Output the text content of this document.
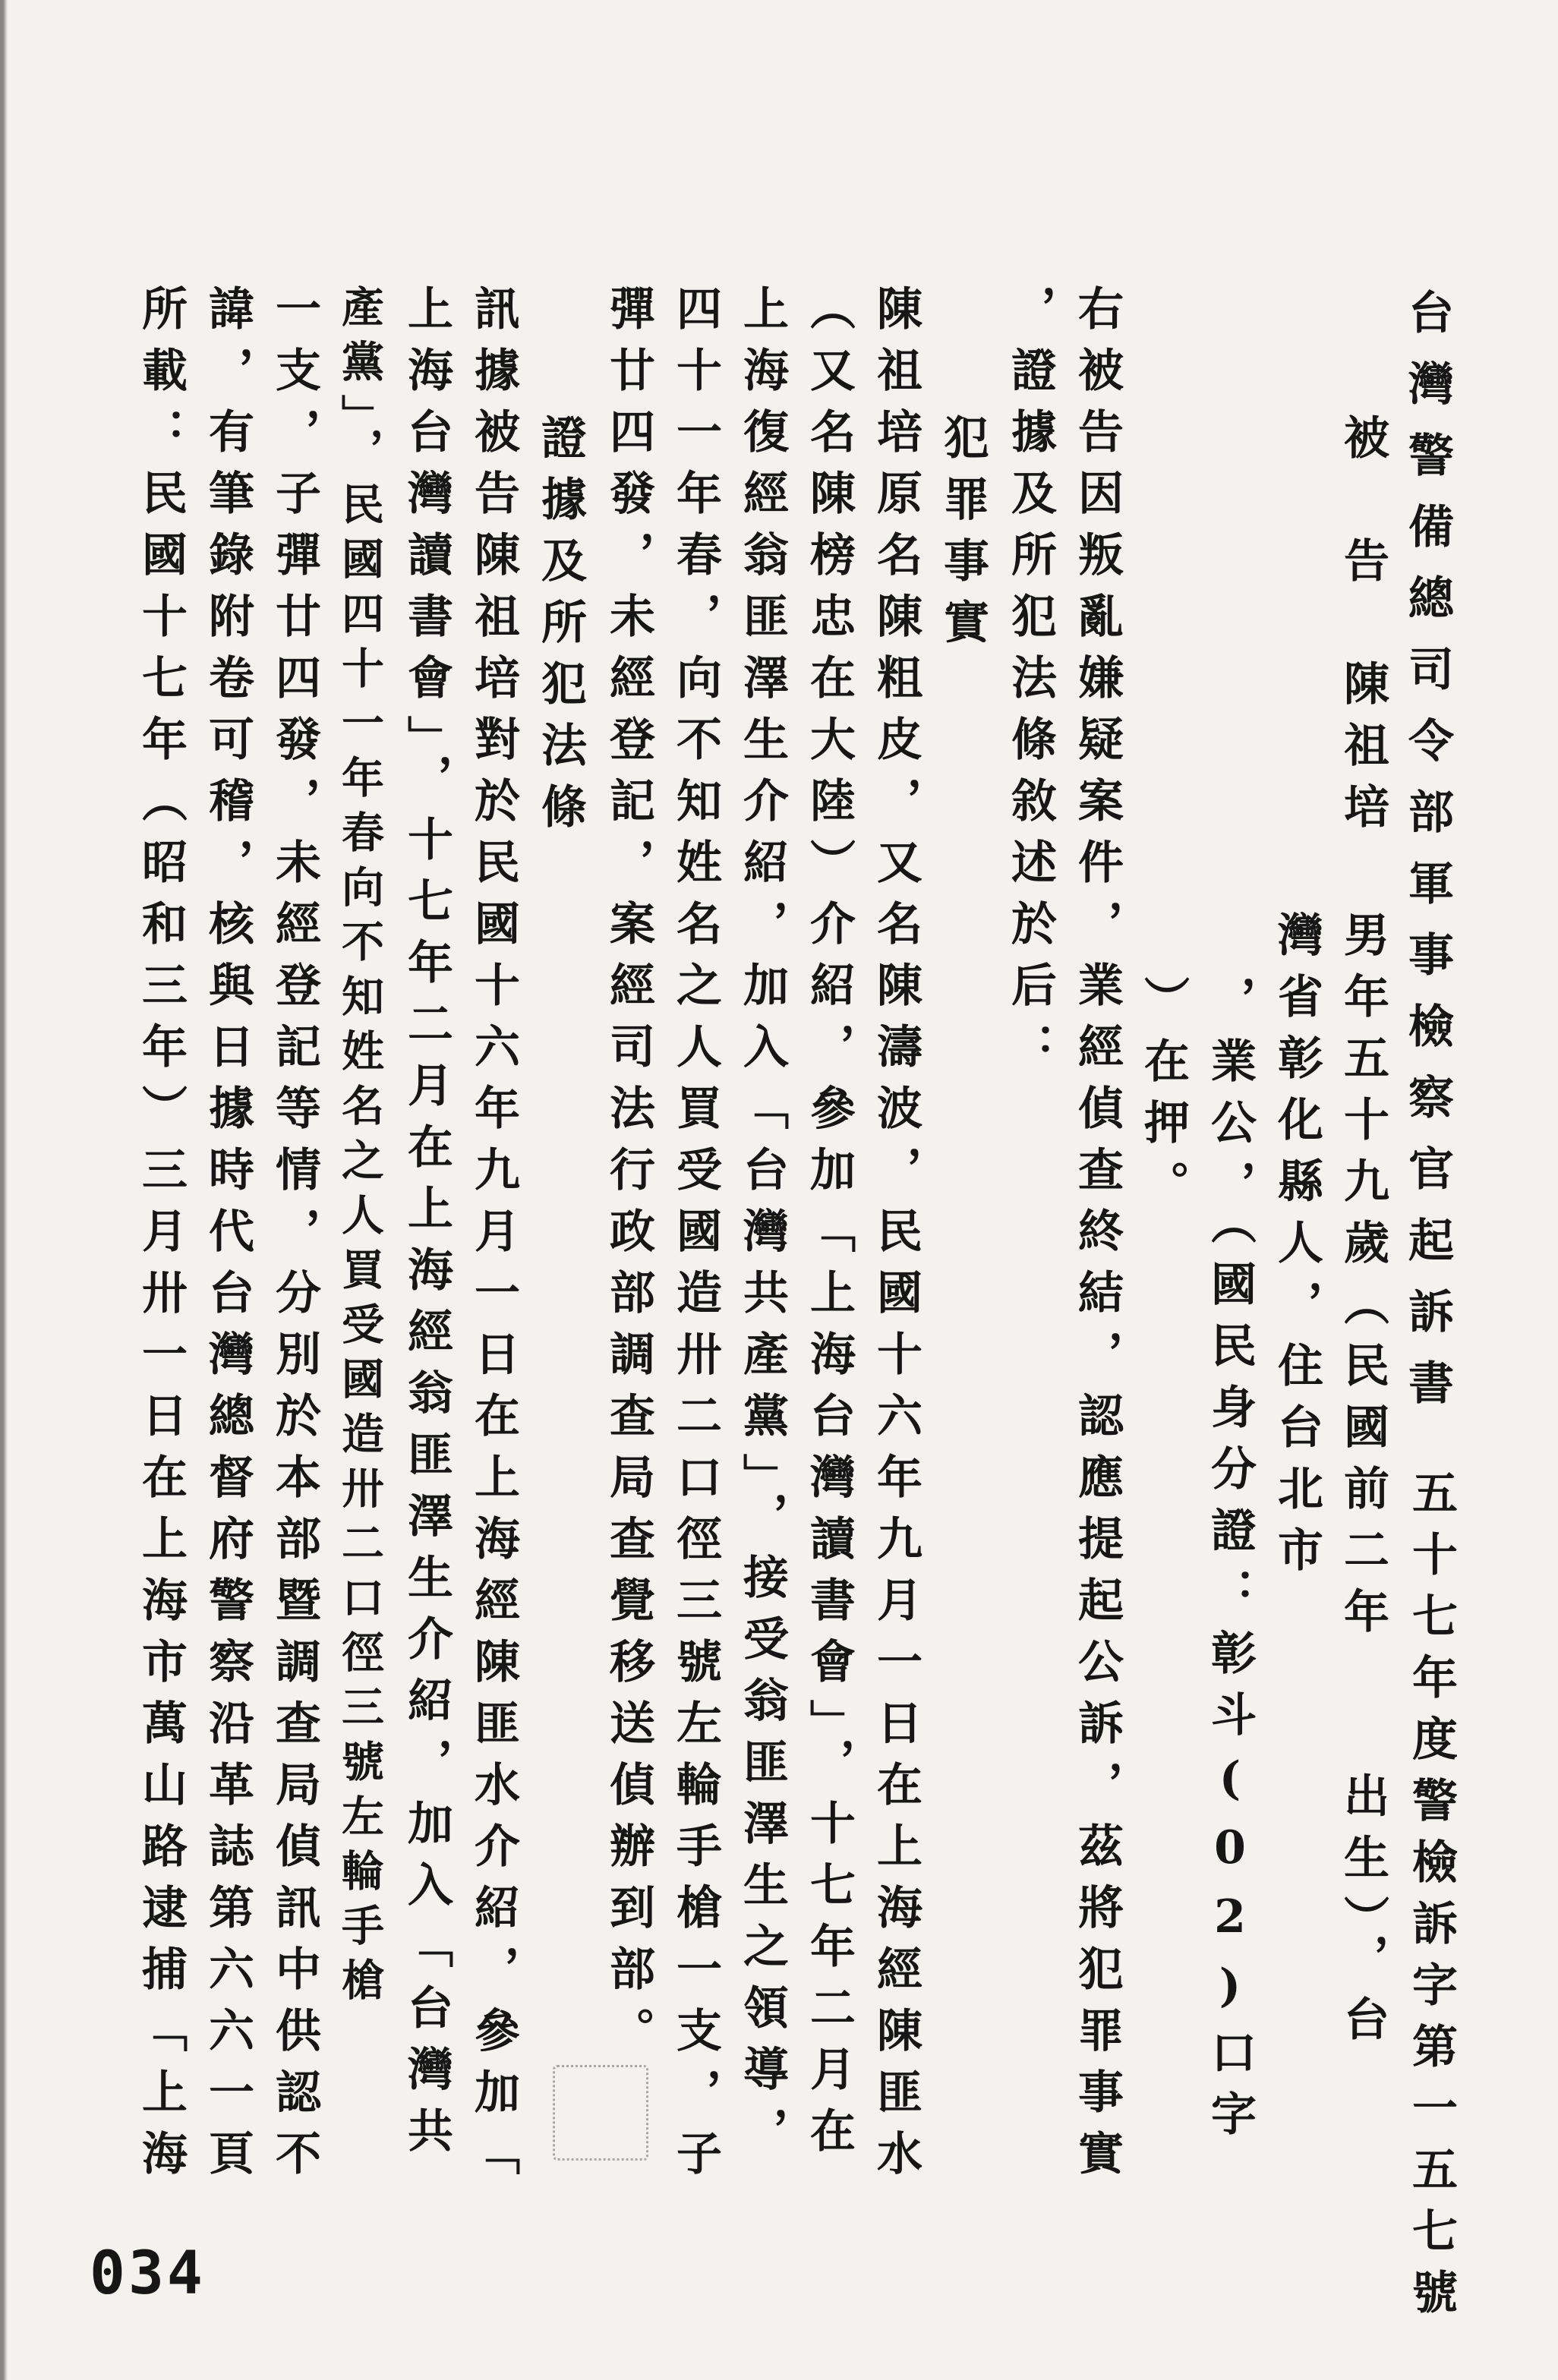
台灣警備總司令部軍事檢察官起訴書
五十七年度警檢訴字第一五七號
被　告　陳祖培
男年五十九歲（民國前二年　　出生），台
灣省彰化縣人，住台北市
，業公，（國民身分證：彰斗(02)口字
）在押。
右被告因叛亂嫌疑案件，業經偵查終結，認應提起公訴，茲將犯罪事實
，證據及所犯法條敘述於后：
犯罪事實
陳祖培原名陳粗皮，又名陳濤波，民國十六年九月一日在上海經陳匪水
（又名陳榜忠在大陸）介紹，參加「上海台灣讀書會」，十七年二月在
上海復經翁匪澤生介紹，加入「台灣共產黨」，接受翁匪澤生之領導，
四十一年春，向不知姓名之人買受國造卅二口徑三號左輪手槍一支，子
彈廿四發，未經登記，案經司法行政部調查局查覺移送偵辦到部。
證據及所犯法條
訊據被告陳祖培對於民國十六年九月一日在上海經陳匪水介紹，參加「
上海台灣讀書會」，十七年二月在上海經翁匪澤生介紹，加入「台灣共
產黨」，民國四十一年春向不知姓名之人買受國造卅二口徑三號左輪手槍
一支，子彈廿四發，未經登記等情，分別於本部暨調查局偵訊中供認不
諱，有筆錄附卷可稽，核與日據時代台灣總督府警察沿革誌第六六一頁
所載：民國十七年（昭和三年）三月卅一日在上海市萬山路逮捕「上海
034
